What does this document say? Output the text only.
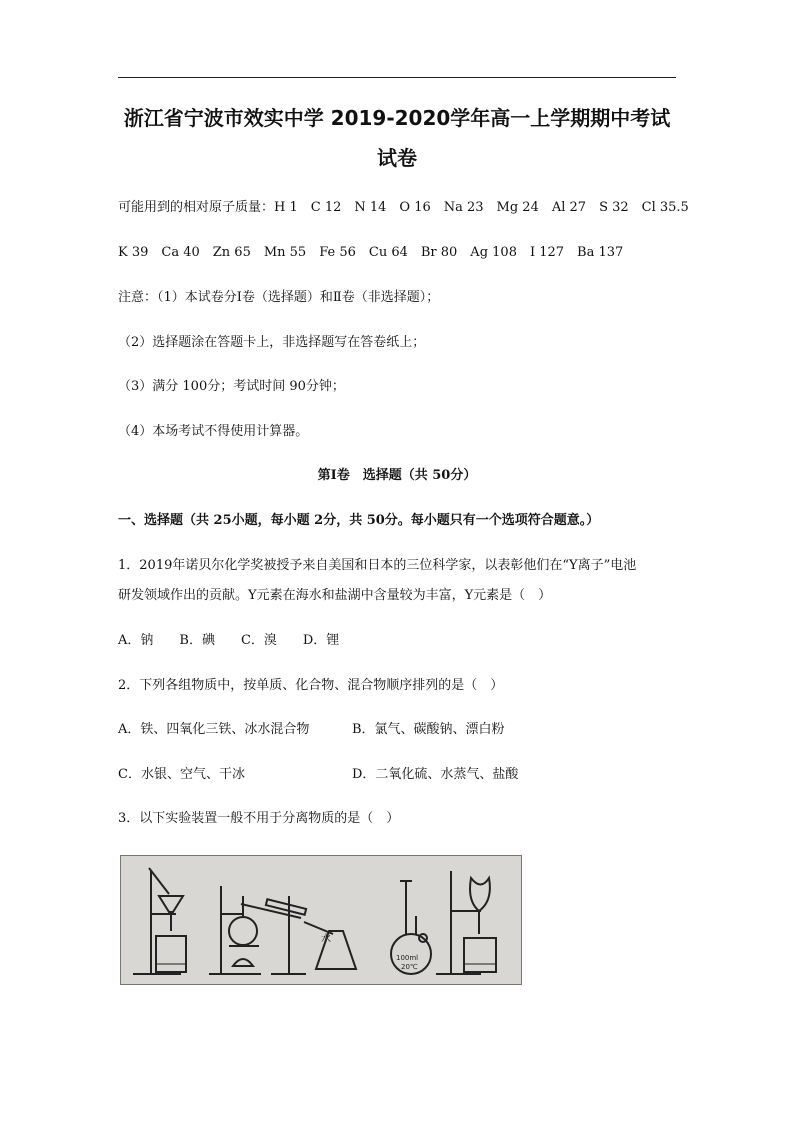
浙江省宁波市效实中学 2019-2020学年高一上学期期中考试
试卷
可能用到的相对原子质量：H 1　C 12　N 14　O 16　Na 23　Mg 24　Al 27　S 32　Cl 35.5
K 39　Ca 40　Zn 65　Mn 55　Fe 56　Cu 64　Br 80　Ag 108　I 127　Ba 137
注意：（1）本试卷分Ⅰ卷（选择题）和Ⅱ卷（非选择题）；
（2）选择题涂在答题卡上，非选择题写在答卷纸上；
（3）满分 100分；考试时间 90分钟；
（4）本场考试不得使用计算器。
第Ⅰ卷　选择题（共 50分）
一、选择题（共 25小题，每小题 2分，共 50分。每小题只有一个选项符合题意。）
1．2019年诺贝尔化学奖被授予来自美国和日本的三位科学家，以表彰他们在“Y离子”电池
研发领域作出的贡献。Y元素在海水和盐湖中含量较为丰富，Y元素是（　）
A．钠　　B．碘　　C．溴　　D．锂
2．下列各组物质中，按单质、化合物、混合物顺序排列的是（　）
A．铁、四氧化三铁、冰水混合物	B．氯气、碳酸钠、漂白粉
C．水银、空气、干冰	D．二氧化硫、水蒸气、盐酸
3．以下实验装置一般不用于分离物质的是（　）
水
100ml
20℃
